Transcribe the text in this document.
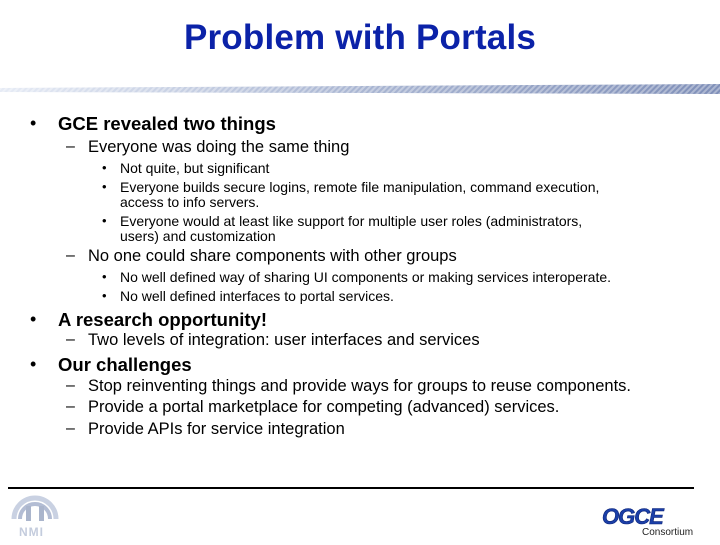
Problem with Portals
• GCE revealed two things
– Everyone was doing the same thing
• Not quite, but significant
• Everyone builds secure logins, remote file manipulation, command execution,
access to info servers.
• Everyone would at least like support for multiple user roles (administrators,
users) and customization
– No one could share components with other groups
• No well defined way of sharing UI components or making services interoperate.
• No well defined interfaces to portal services.
• A research opportunity!
– Two levels of integration: user interfaces and services
• Our challenges
– Stop reinventing things and provide ways for groups to reuse components.
– Provide a portal marketplace for competing (advanced) services.
– Provide APIs for service integration
NMI
OGCE
Consortium
